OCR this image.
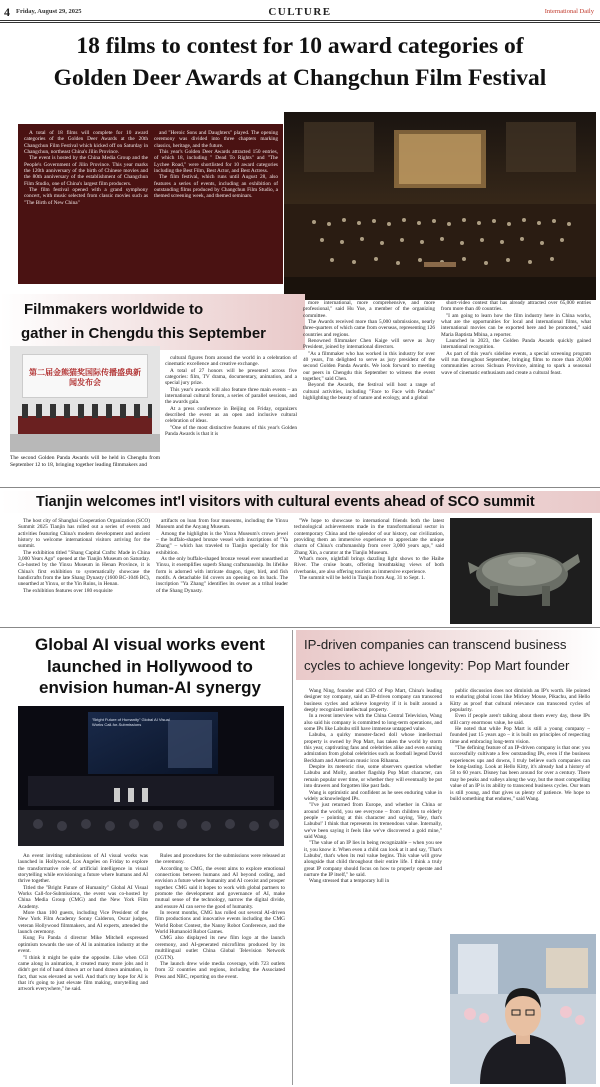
4 Friday, August 29, 2025	CULTURE	International Daily
18 films to contest for 10 award categories of
Golden Deer Awards at Changchun Film Festival

A total of 18 films will complete for 10 award categories of the Golden Deer Awards at the 20th Changchun Film Festival which kicked off on Saturday in Changchun, northeast China's Jilin Province.

The event is hosted by the China Media Group and the People's Government of Jilin Province. This year marks the 120th anniversary of the birth of Chinese movies and the 80th anniversary of the establishment of Changchun Film Studio, one of China's largest film producers.

The film festival opened with a grand symphony concert, with music selected from classic movies such as "The Birth of New China"

and "Heroic Sons and Daughters" played. The opening ceremony was divided into three chapters marking classics, heritage, and the future.

This year's Golden Deer Awards attracted 150 entries, of which 18, including " Dead To Rights" and "The Lychee Road," were shortlisted for 10 award categories including the Best Film, Best Actor, and Best Actress.

The film festival, which runs until August 28, also features a series of events, including an exhibition of outstanding films produced by Changchun Film Studio, a themed screening week, and themed seminars.

Filmmakers worldwide to
gather in Chengdu this September
第二届金熊猫奖国际传播盛典新闻发布会
The second Golden Panda Awards will be held in Chengdu from September 12 to 18, bringing together leading filmmakers and

cultural figures from around the world in a celebration of cinematic excellence and creative exchange.

A total of 27 honors will be presented across five categories: film, TV drama, documentary, animation, and a special jury prize.

This year's awards will also feature three main events – an international cultural forum, a series of parallel sessions, and the awards gala.

At a press conference in Beijing on Friday, organizers described the event as an open and inclusive cultural celebration of ideas.

"One of the most distinctive features of this year's Golden Panda Awards is that it is

more international, more comprehensive, and more professional," said Hu Yue, a member of the organizing committee.

The Awards received more than 5,000 submissions, nearly three-quarters of which came from overseas, representing 126 countries and regions.

Renowned filmmaker Chen Kaige will serve as Jury President, joined by international directors.

"As a filmmaker who has worked in this industry for over 40 years, I'm delighted to serve as jury president of the second Golden Panda Awards. We look forward to meeting our peers in Chengdu this September to witness the event together," said Chen.

Beyond the Awards, the festival will host a range of cultural activities, including "Face to Face with Pandas" highlighting the beauty of nature and ecology, and a global

short-video contest that has already attracted over 65,000 entries from more than 40 countries.

"I am going to learn how the film industry here in China works, what are the opportunities for local and international films, what international movies can be exported here and be promoted," said Maria Baptista Mbina, a reporter.

Launched in 2023, the Golden Panda Awards quickly gained international recognition.

As part of this year's sideline events, a special screening program will run throughout September, bringing films to more than 20,000 communities across Sichuan Province, aiming to spark a seasonal wave of cinematic enthusiasm and create a cultural feast.

Tianjin welcomes int'l visitors with cultural events ahead of SCO summit

The host city of Shanghai Cooperation Organization (SCO) Summit 2025 Tianjin has rolled out a series of events and activities featuring China's modern development and ancient history to welcome international visitors arriving for the summit.

The exhibition titled "Shang Capital Crafts: Made in China 3,000 Years Ago" opened at the Tianjin Museum on Saturday. Co-hosted by the Yinxu Museum in Henan Province, it is China's first exhibition to systematically showcase the handicrafts from the late Shang Dynasty (1600 BC-1046 BC), unearthed at Yinxu, or the Yin Ruins, in Henan.

The exhibition features over 180 exquisite

artifacts on loan from four museums, including the Yinxu Museum and the Anyang Museum.

Among the highlights is the Yinxu Museum's crown jewel – the buffalo-shaped bronze vessel with inscriptions of "Ya Zhang" – which has traveled to Tianjin specially for this exhibition.

As the only buffalo-shaped bronze vessel ever unearthed at Yinxu, it exemplifies superb Shang craftsmanship. Its lifelike form is adorned with intricate dragon, tiger, bird, and fish motifs. A detachable lid covers an opening on its back. The inscription "Ya Zhang" identifies its owner as a tribal leader of the Shang Dynasty.

"We hope to showcase to international friends both the latest technological achievements made in the transformational sector in contemporary China and the splendor of our history, our civilization, providing them an immersive experience to appreciate the unique charm of China's craftsmanship from over 3,000 years ago," said Zhang Xin, a curator at the Tianjin Museum.

What's more, nightfall brings dazzling light shows to the Haihe River. The cruise boats, offering breathtaking views of both riverbanks, are also offering tourists an immersive experience.

The summit will be held in Tianjin from Aug. 31 to Sept. 1.

Global AI visual works event
launched in Hollywood to
envision human-AI synergy
"Bright Future of Humanity" Global AI Visual Works Call-for-Submissions

An event inviting submissions of AI visual works was launched in Hollywood, Los Angeles on Friday to explore the transformative role of artificial intelligence in visual storytelling while envisioning a future where humans and AI thrive together.

Titled the "Bright Future of Humanity" Global AI Visual Works Call-for-Submissions, the event was co-hosted by China Media Group (CMG) and the New York Film Academy.

More than 100 guests, including Vice President of the New York Film Academy Sonny Calderon, Oscar judges, veteran Hollywood filmmakers, and AI experts, attended the launch ceremony.

Kung Fu Panda 4 director Mike Mitchell expressed optimism towards the use of AI in animation industry at the event.

"I think it might be quite the opposite. Like when CGI came along in animation, it created many more jobs and it didn't get rid of hand drawn art or hand drawn animation, in fact, that was elevated as well. And that's my hope for AI is that it's going to just elevate film making, storytelling and artwork everywhere," he said.

Rules and procedures for the submissions were released at the ceremony.

According to CMG, the event aims to explore emotional connections between humans and AI beyond coding, and envision a future where humanity and AI coexist and prosper together. CMG said it hopes to work with global partners to promote the development and governance of AI, make mutual sense of the technology, narrow the digital divide, and ensure AI can serve the good of humanity.

In recent months, CMG has rolled out several AI-driven film productions and innovative events including the CMG World Robot Contest, the Nanny Robot Conference, and the World Humanoid Robot Games.

CMG also displayed its new film logo at the launch ceremony, and AI-generated microfilms produced by its multilingual outlet China Global Television Network (CGTN).

The launch drew wide media coverage, with 723 outlets from 32 countries and regions, including the Associated Press and NBC, reporting on the event.

IP-driven companies can transcend business
cycles to achieve longevity: Pop Mart founder

Wang Ning, founder and CEO of Pop Mart, China's leading designer toy company, said an IP-driven company can transcend business cycles and achieve longevity if it is built around a deeply recognized intellectual property.

In a recent interview with the China Central Television, Wang also said his company is committed to long-term operations, and some IPs like Labubu still have immense untapped value.

Labubu, a quirky monster-faced doll whose intellectual property is owned by Pop Mart, has taken the world by storm this year, captivating fans and celebrities alike and even earning admiration from global celebrities such as football legend David Beckham and American music icon Rihanna.

Despite its meteoric rise, some observers question whether Labubu and Molly, another flagship Pop Mart character, can remain popular over time, or whether they will eventually be put into drawers and forgotten like past fads.

Wang is optimistic and confident as he sees enduring value in widely acknowledged IPs.

"I've just returned from Europe, and whether in China or around the world, you see everyone – from children to elderly people – pointing at this character and saying, 'Hey, that's Labubu!' I think that represents its tremendous value. Internally, we've been saying it feels like we've discovered a gold mine," said Wang.

"The value of an IP lies in being recognizable – when you see it, you know it. When even a child can look at it and say, 'That's Labubu', that's when its real value begins. This value will grow alongside that child throughout their entire life. I think a truly great IP company should focus on how to properly operate and nurture the IP itself," he said.

Wang stressed that a temporary lull in

public discussion does not diminish an IP's worth. He pointed to enduring global icons like Mickey Mouse, Pikachu, and Hello Kitty as proof that cultural relevance can transcend cycles of popularity.

Even if people aren't talking about them every day, these IPs still carry enormous value, he said.

He noted that while Pop Mart is still a young company – founded just 15 years ago – it is built on principles of respecting time and embracing long-term vision.

"The defining feature of an IP-driven company is that one: you successfully cultivate a few outstanding IPs, even if the business experiences ups and downs, I truly believe such companies can be long-lasting. Look at Hello Kitty, it's already had a history of 50 to 60 years. Disney has been around for over a century. There may be peaks and valleys along the way, but the most compelling value of an IP is its ability to transcend business cycles. Our team is still young, and that gives us plenty of patience. We hope to build something that endures," said Wang.
